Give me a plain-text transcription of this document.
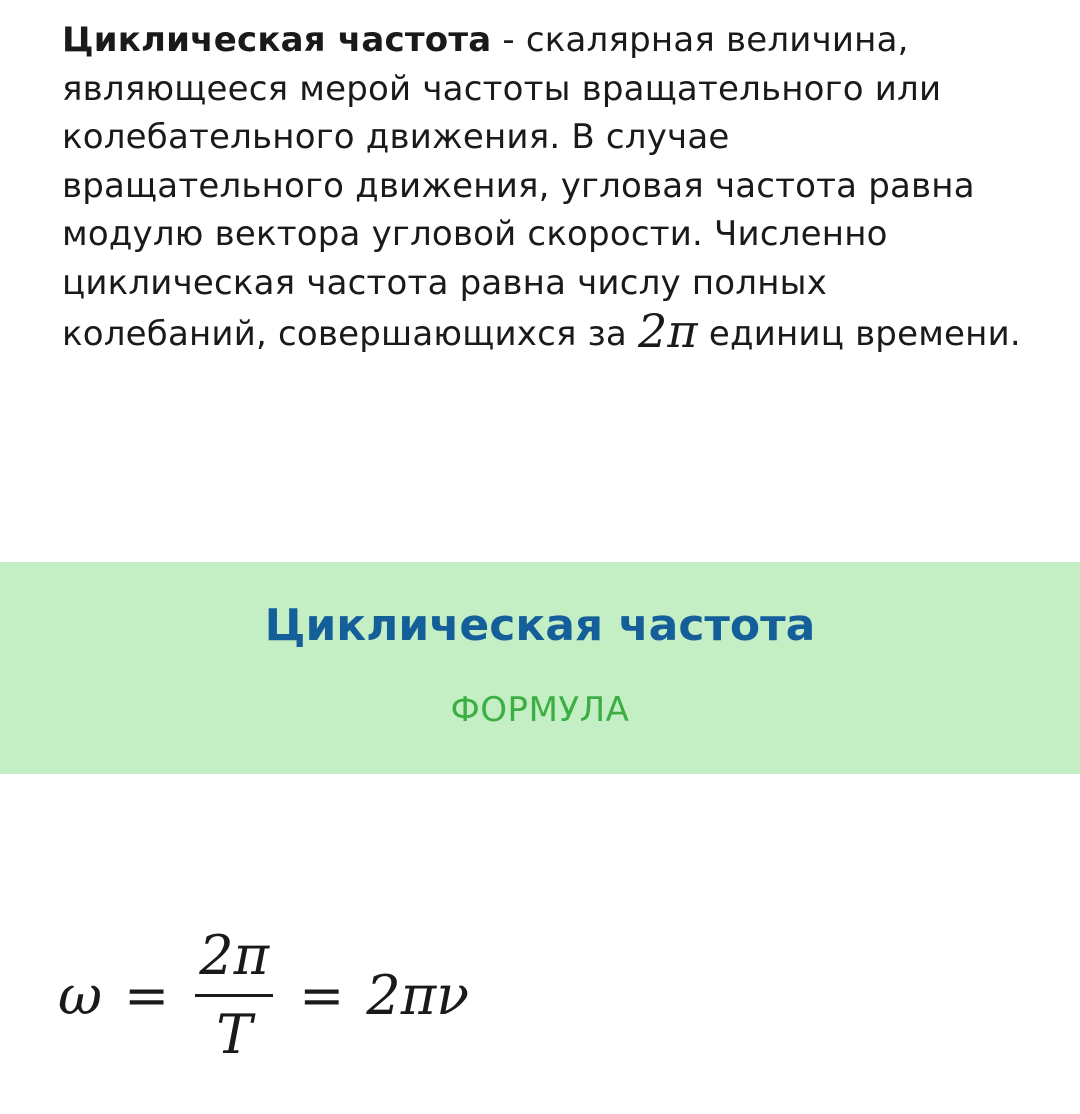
Циклическая частота - скалярная величина, являющееся мерой частоты вращательного или колебательного движения. В случае вращательного движения, угловая частота равна модулю вектора угловой скорости. Численно циклическая частота равна числу полных колебаний, совершающихся за 2π единиц времени.

Циклическая частота
ФОРМУЛА
$\omega = \frac{2\pi}{T} = 2\pi\nu$
